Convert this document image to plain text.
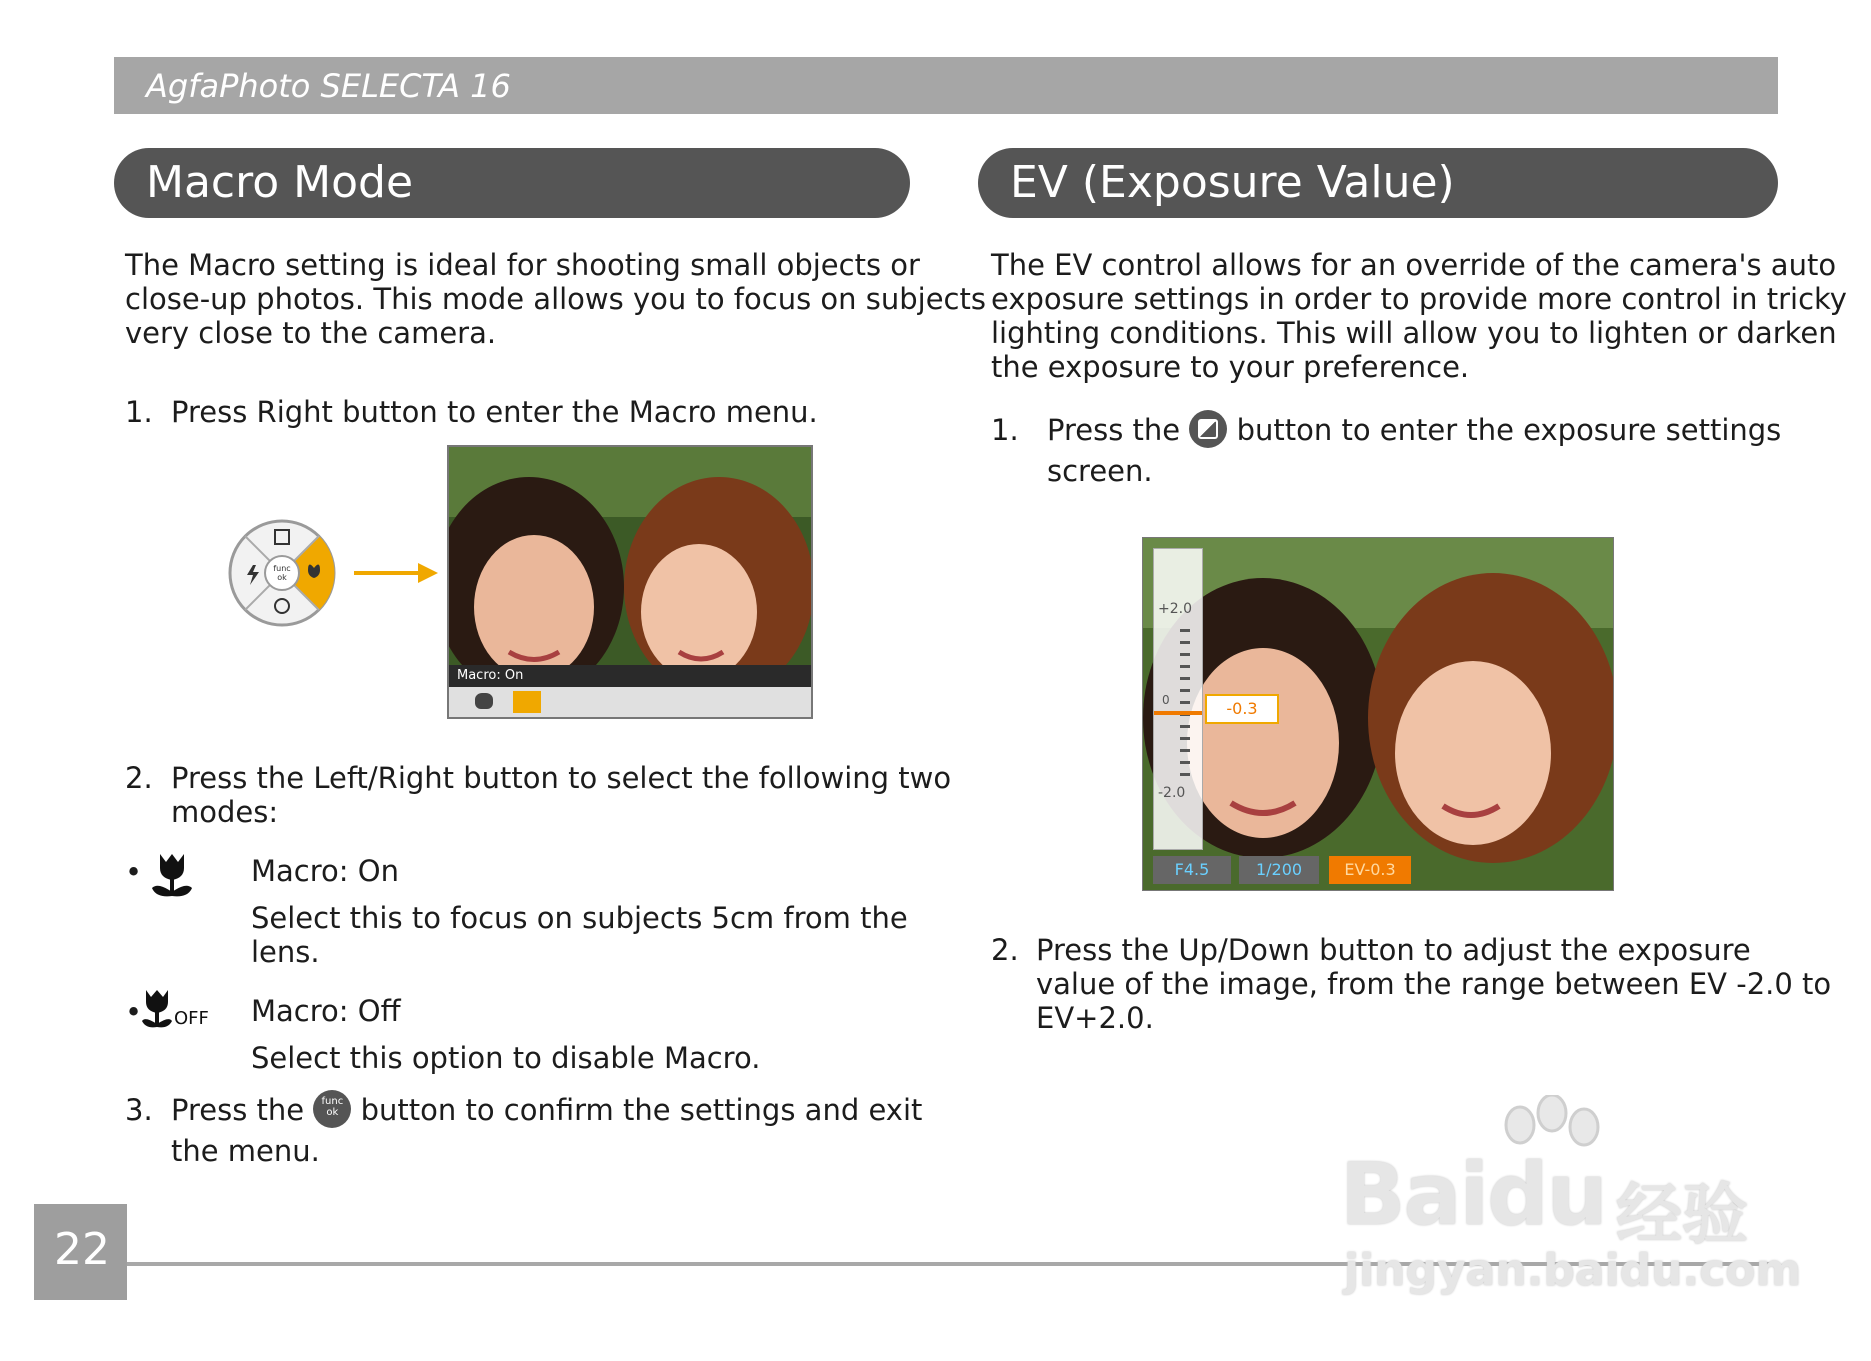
AgfaPhoto SELECTA 16
Macro Mode
The Macro setting is ideal for shooting small objects or
close-up photos. This mode allows you to focus on subjects
very close to the camera.
1. Press Right button to enter the Macro menu.
func
ok
Macro: On
2. Press the Left/Right button to select the following two
modes:
•	Macro: On
Select this to focus on subjects 5cm from the
lens.
• OFF Macro: Off
Select this option to disable Macro.
3. Press the	func
ok button to confirm the settings and exit
the menu.
EV (Exposure Value)
The EV control allows for an override of the camera's auto
exposure settings in order to provide more control in tricky
lighting conditions. This will allow you to lighten or darken
the exposure to your preference.
1. Press the button to enter the exposure settings
screen.
+2.0
0
-2.0
-0.3
F4.5	1/200	EV-0.3
2. Press the Up/Down button to adjust the exposure
value of the image, from the range between EV -2.0 to
EV+2.0.
22
Baidu 经验
jingyan.baidu.com
